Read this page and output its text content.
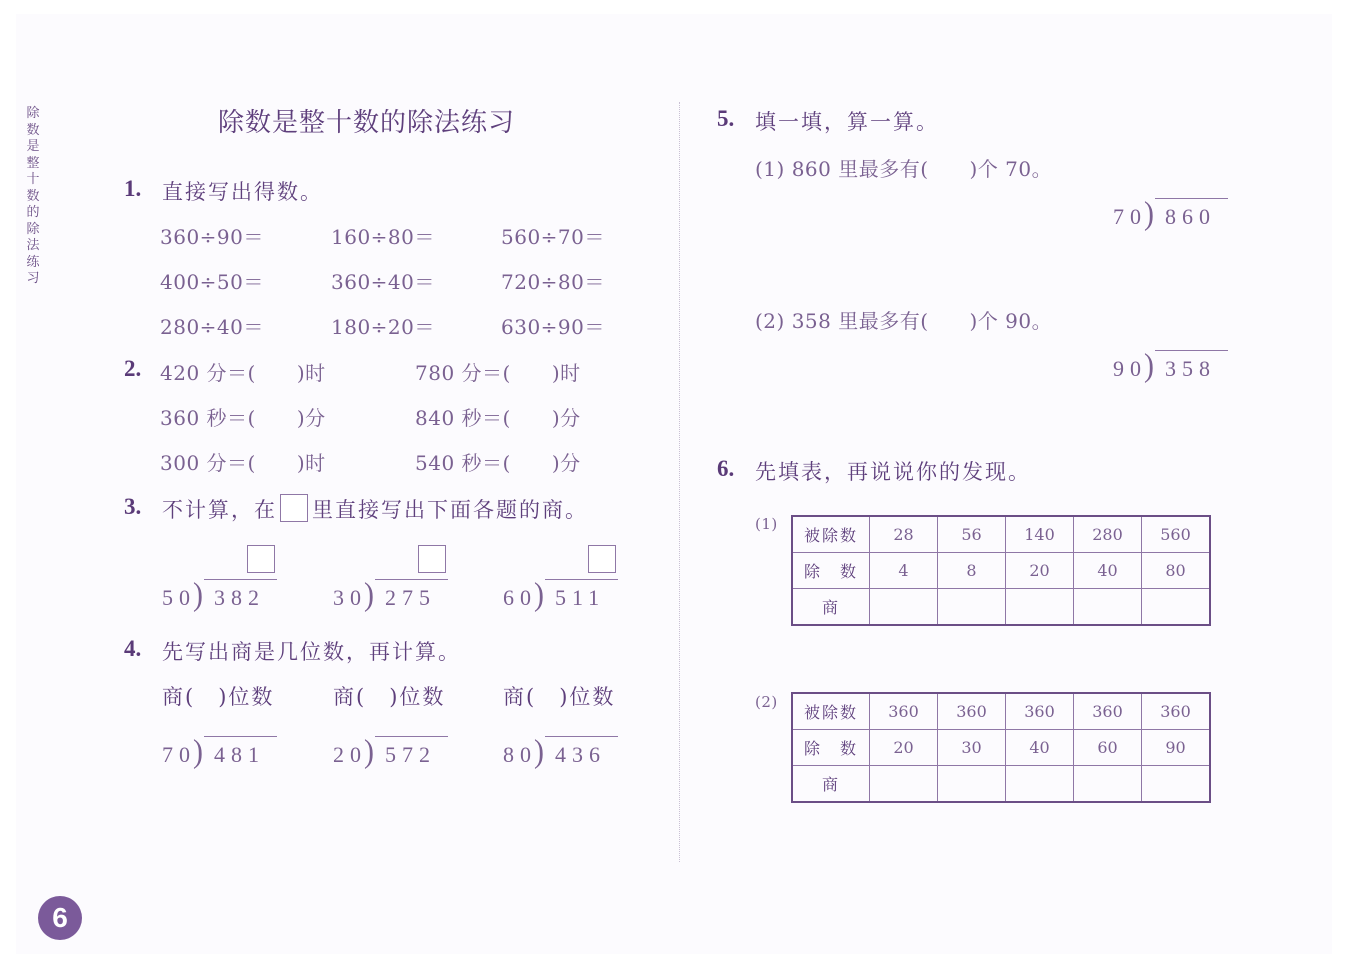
除数是整十数的除法练习
除数是整十数的除法练习
1. 直接写出得数。
360÷90＝	160÷80＝	560÷70＝
400÷50＝	360÷40＝	720÷80＝
280÷40＝	180÷20＝	630÷90＝
2. 420 分＝(　　)时	780 分＝(　　)时
360 秒＝(　　)分	840 秒＝(　　)分
300 分＝(　　)时	540 秒＝(　　)分
3. 不计算，在 里直接写出下面各题的商。
)
50 382	)
30 275	)
60 511
4. 先写出商是几位数，再计算。
商(　)位数	商(　)位数	商(　)位数
)
70 481	)
20 572	)
80 436
5. 填一填，算一算。
(1) 860 里最多有(　　)个 70。
)
70 860
(2) 358 里最多有(　　)个 90。
)
90 358
6. 先填表，再说说你的发现。
(1)
被除数	28	56	140	280	560
除　数	4	8	20	40	80
商					
(2)
被除数	360	360	360	360	360
除　数	20	30	40	60	90
商					
6
